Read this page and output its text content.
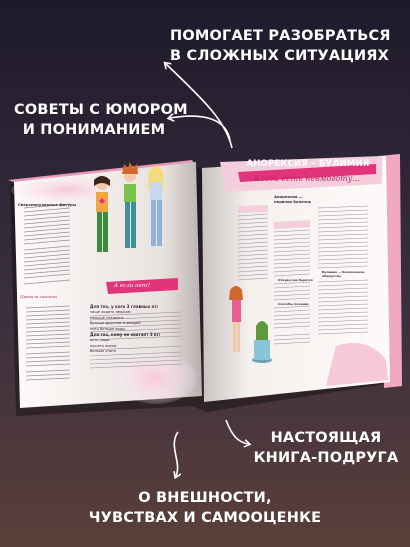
ПОМОГАЕТ РАЗОБРАТЬСЯ
В СЛОЖНЫХ СИТУАЦИЯХ
СОВЕТЫ С ЮМОРОМ
И ПОНИМАНИЕМ
НАСТОЯЩАЯ
КНИГА-ПОДРУГА
О ВНЕШНОСТИ,
ЧУВСТВАХ И САМООЦЕНКЕ
АНОРЕКСИЯ – БУЛИМИЯ
Когда есть невмоготу...
А если нет?
Сверхпопулярные фигуры
Правила гигиены
Для тех, у кого 3 главных от:
чаще ходить пешком
меньше сладкого
больше фруктов и овощей
пить больше воды

Для тех, кому не хватает 3 кг:
есть чаще
кушать орехи
больше спать
Анорексия — нервная болезнь
Откуда она берётся
Способы лечения
Булимия — болезненное обжорство
